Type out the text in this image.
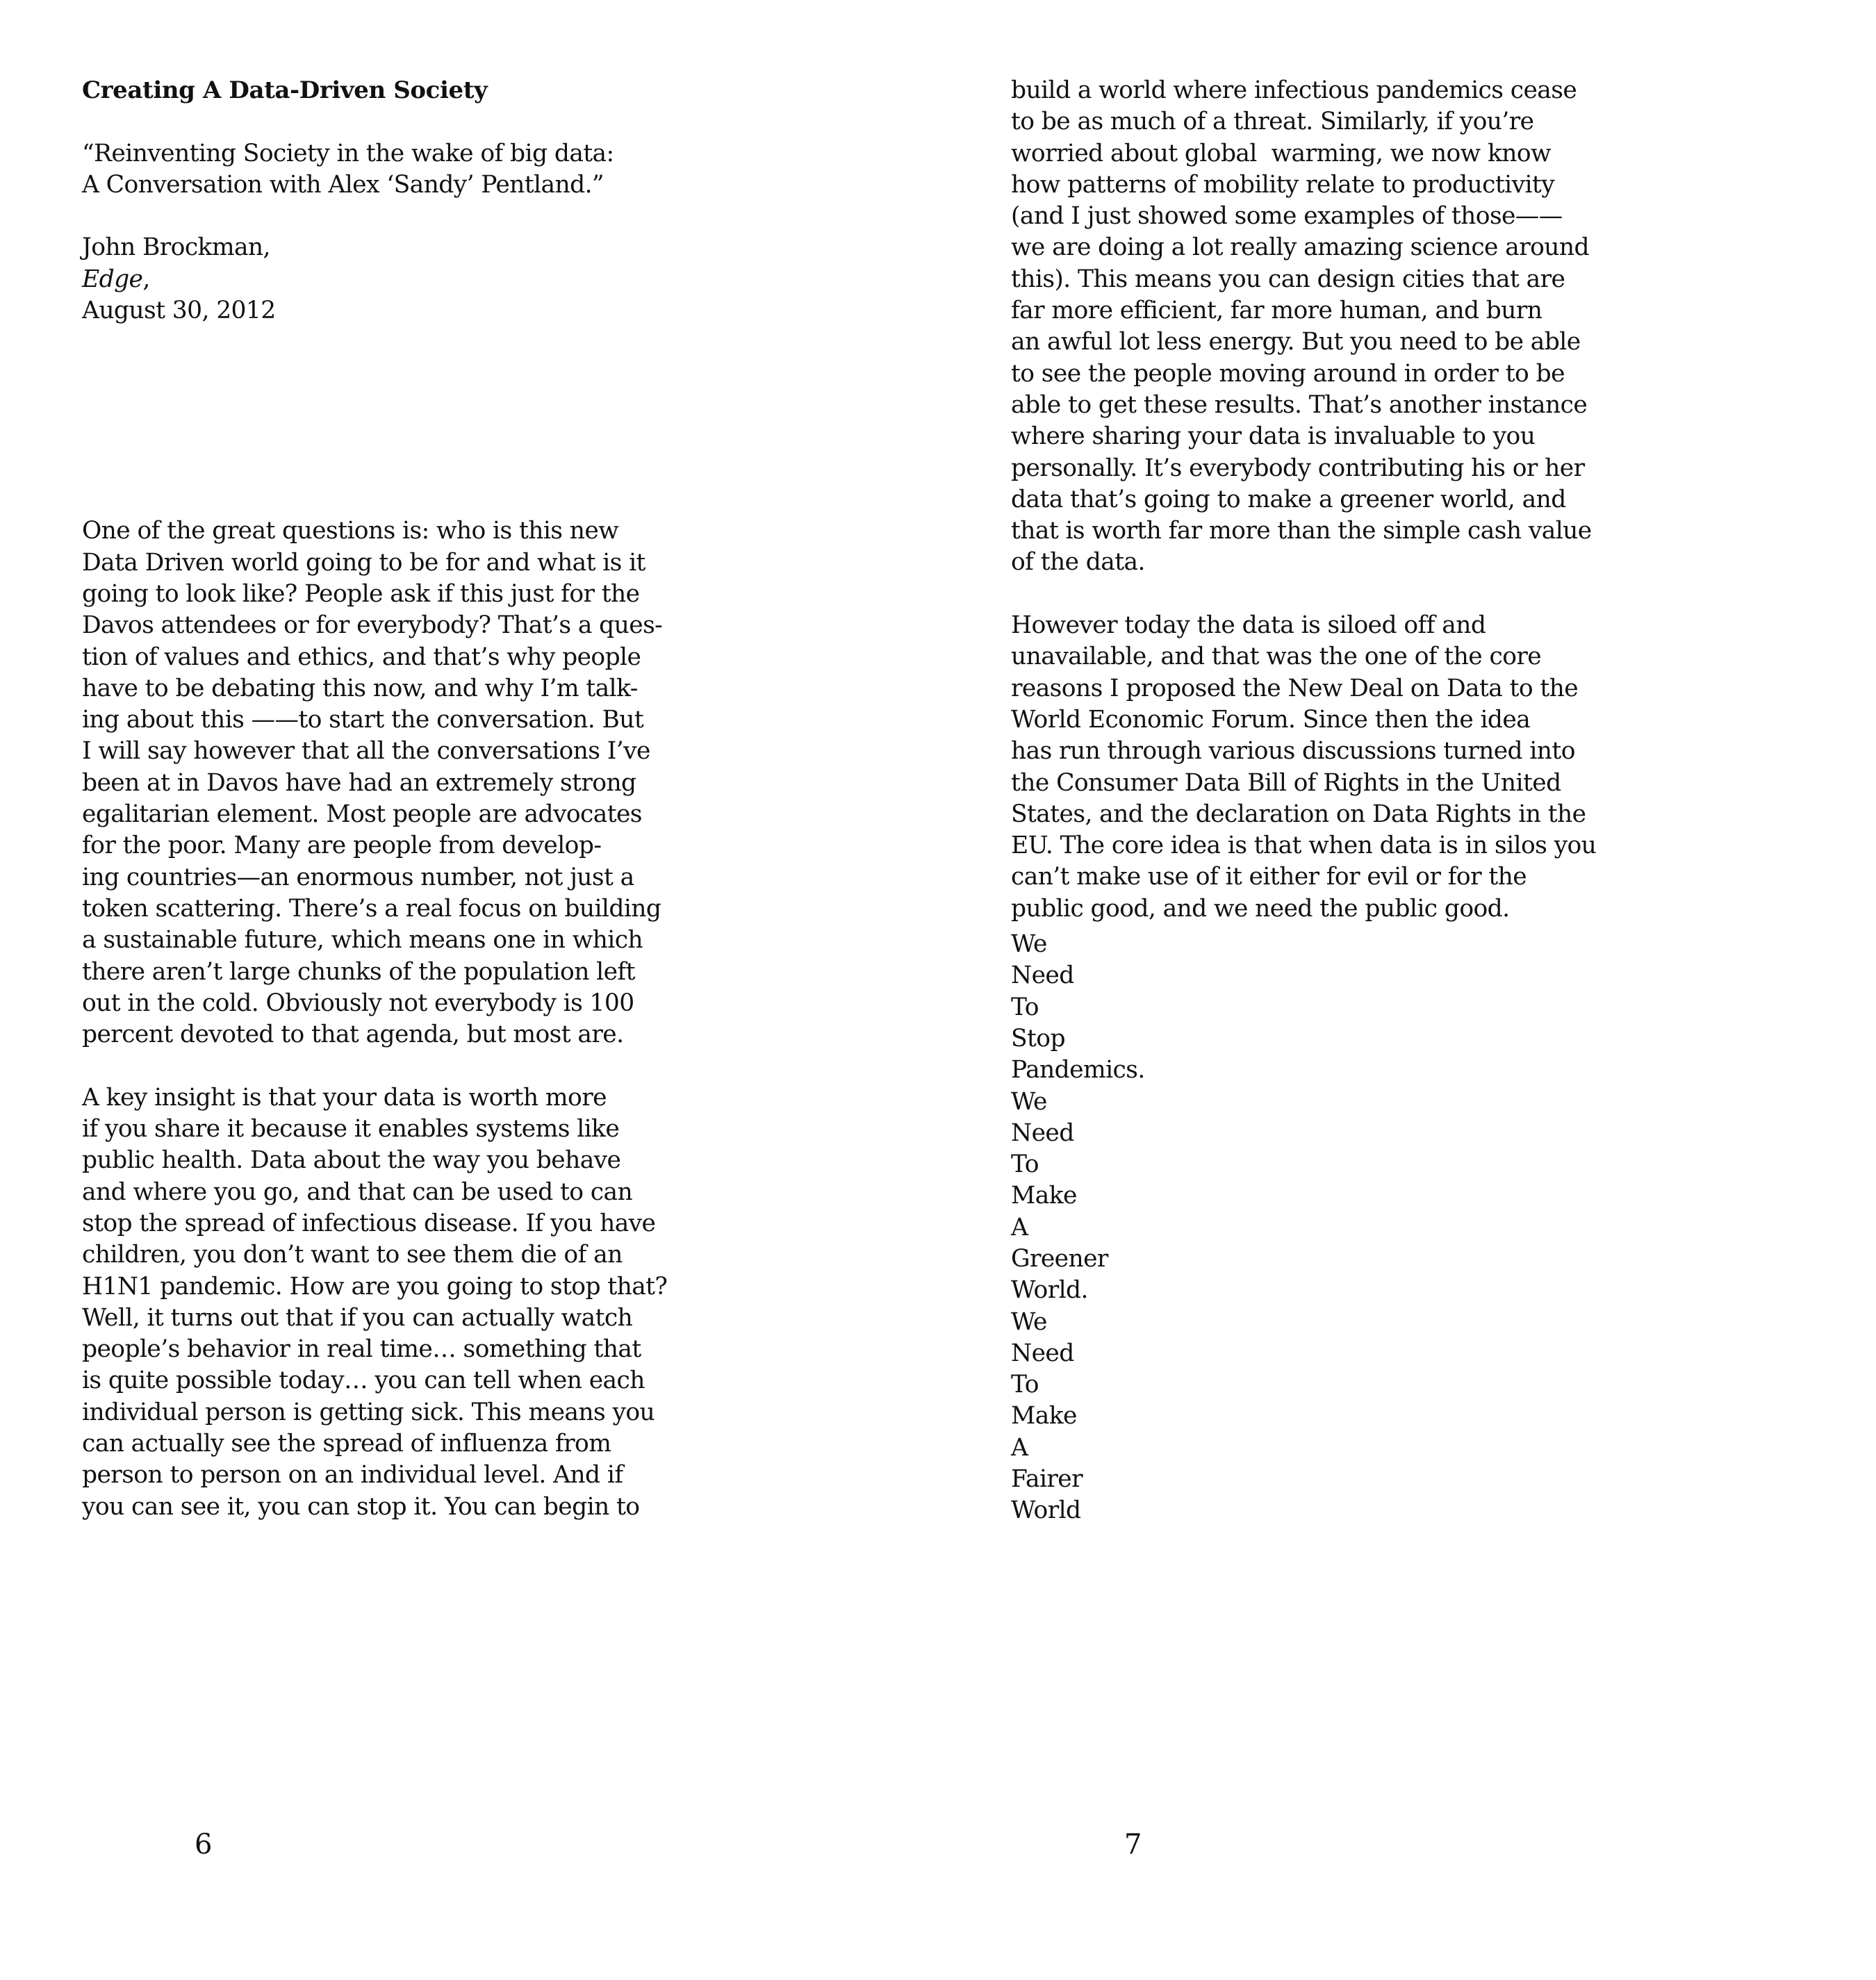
Creating A Data-Driven Society
“Reinventing Society in the wake of big data:
A Conversation with Alex ‘Sandy’ Pentland.”
John Brockman,
Edge,
August 30, 2012
One of the great questions is: who is this new
Data Driven world going to be for and what is it
going to look like? People ask if this just for the
Davos attendees or for everybody? That’s a ques-
tion of values and ethics, and that’s why people
have to be debating this now, and why I’m talk-
ing about this ——to start the conversation. But
I will say however that all the conversations I’ve
been at in Davos have had an extremely strong
egalitarian element. Most people are advocates
for the poor. Many are people from develop-
ing countries—an enormous number, not just a
token scattering. There’s a real focus on building
a sustainable future, which means one in which
there aren’t large chunks of the population left
out in the cold. Obviously not everybody is 100
percent devoted to that agenda, but most are.
A key insight is that your data is worth more
if you share it because it enables systems like
public health. Data about the way you behave
and where you go, and that can be used to can
stop the spread of infectious disease. If you have
children, you don’t want to see them die of an
H1N1 pandemic. How are you going to stop that?
Well, it turns out that if you can actually watch
people’s behavior in real time… something that
is quite possible today… you can tell when each
individual person is getting sick. This means you
can actually see the spread of influenza from
person to person on an individual level. And if
you can see it, you can stop it. You can begin to
6
build a world where infectious pandemics cease
to be as much of a threat. Similarly, if you’re
worried about global  warming, we now know
how patterns of mobility relate to productivity
(and I just showed some examples of those——
we are doing a lot really amazing science around
this). This means you can design cities that are
far more efficient, far more human, and burn
an awful lot less energy. But you need to be able
to see the people moving around in order to be
able to get these results. That’s another instance
where sharing your data is invaluable to you
personally. It’s everybody contributing his or her
data that’s going to make a greener world, and
that is worth far more than the simple cash value
of the data.
However today the data is siloed off and
unavailable, and that was the one of the core
reasons I proposed the New Deal on Data to the
World Economic Forum. Since then the idea
has run through various discussions turned into
the Consumer Data Bill of Rights in the United
States, and the declaration on Data Rights in the
EU. The core idea is that when data is in silos you
can’t make use of it either for evil or for the
public good, and we need the public good.
We
Need
To
Stop
Pandemics.
We
Need
To
Make
A
Greener
World.
We
Need
To
Make
A
Fairer
World
7
